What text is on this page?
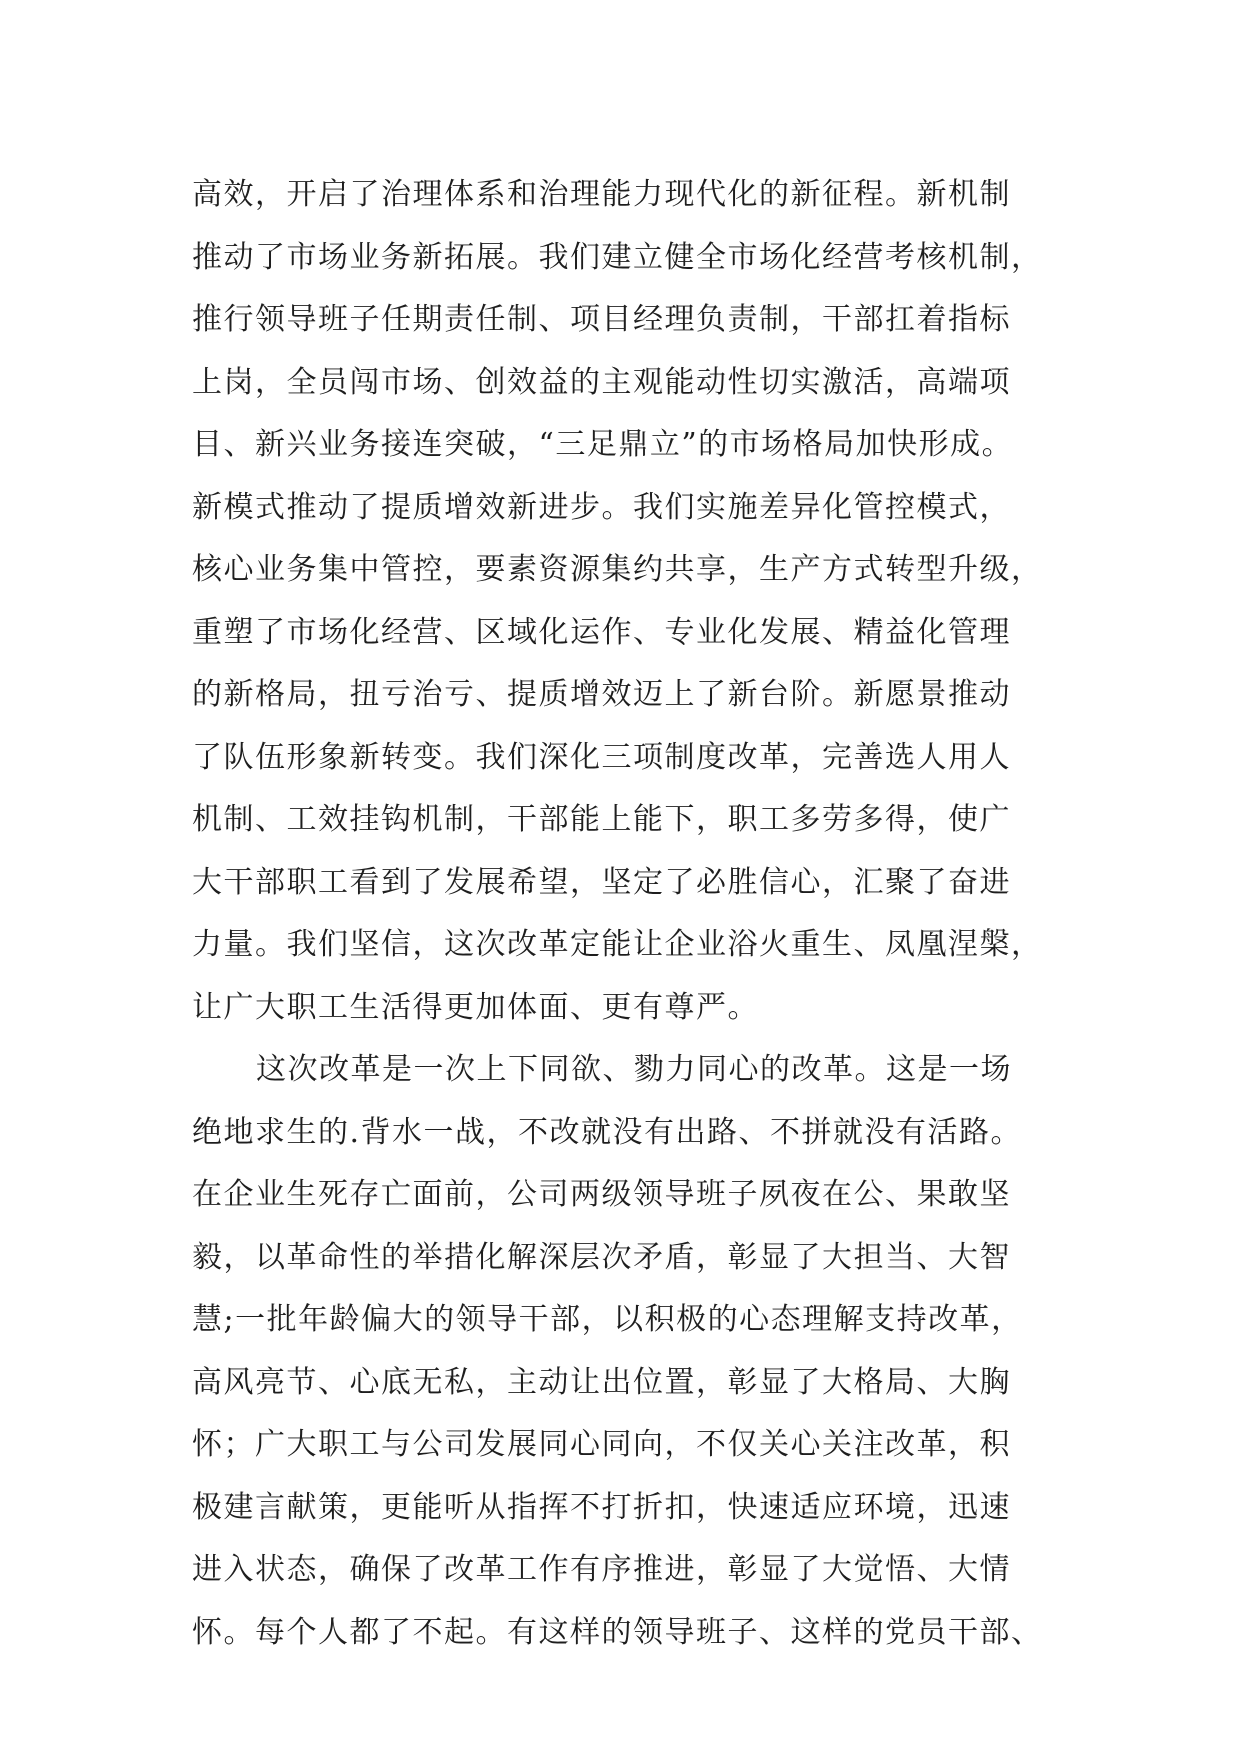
高效，开启了治理体系和治理能力现代化的新征程。新机制
推动了市场业务新拓展。我们建立健全市场化经营考核机制，
推行领导班子任期责任制、项目经理负责制，干部扛着指标
上岗，全员闯市场、创效益的主观能动性切实激活，高端项
目、新兴业务接连突破，“三足鼎立”的市场格局加快形成。
新模式推动了提质增效新进步。我们实施差异化管控模式，
核心业务集中管控，要素资源集约共享，生产方式转型升级，
重塑了市场化经营、区域化运作、专业化发展、精益化管理
的新格局，扭亏治亏、提质增效迈上了新台阶。新愿景推动
了队伍形象新转变。我们深化三项制度改革，完善选人用人
机制、工效挂钩机制，干部能上能下，职工多劳多得，使广
大干部职工看到了发展希望，坚定了必胜信心，汇聚了奋进
力量。我们坚信，这次改革定能让企业浴火重生、凤凰涅槃，
让广大职工生活得更加体面、更有尊严。
这次改革是一次上下同欲、勠力同心的改革。这是一场
绝地求生的.背水一战，不改就没有出路、不拼就没有活路。
在企业生死存亡面前，公司两级领导班子夙夜在公、果敢坚
毅，以革命性的举措化解深层次矛盾，彰显了大担当、大智
慧;一批年龄偏大的领导干部，以积极的心态理解支持改革，
高风亮节、心底无私，主动让出位置，彰显了大格局、大胸
怀；广大职工与公司发展同心同向，不仅关心关注改革，积
极建言献策，更能听从指挥不打折扣，快速适应环境，迅速
进入状态，确保了改革工作有序推进，彰显了大觉悟、大情
怀。每个人都了不起。有这样的领导班子、这样的党员干部、
